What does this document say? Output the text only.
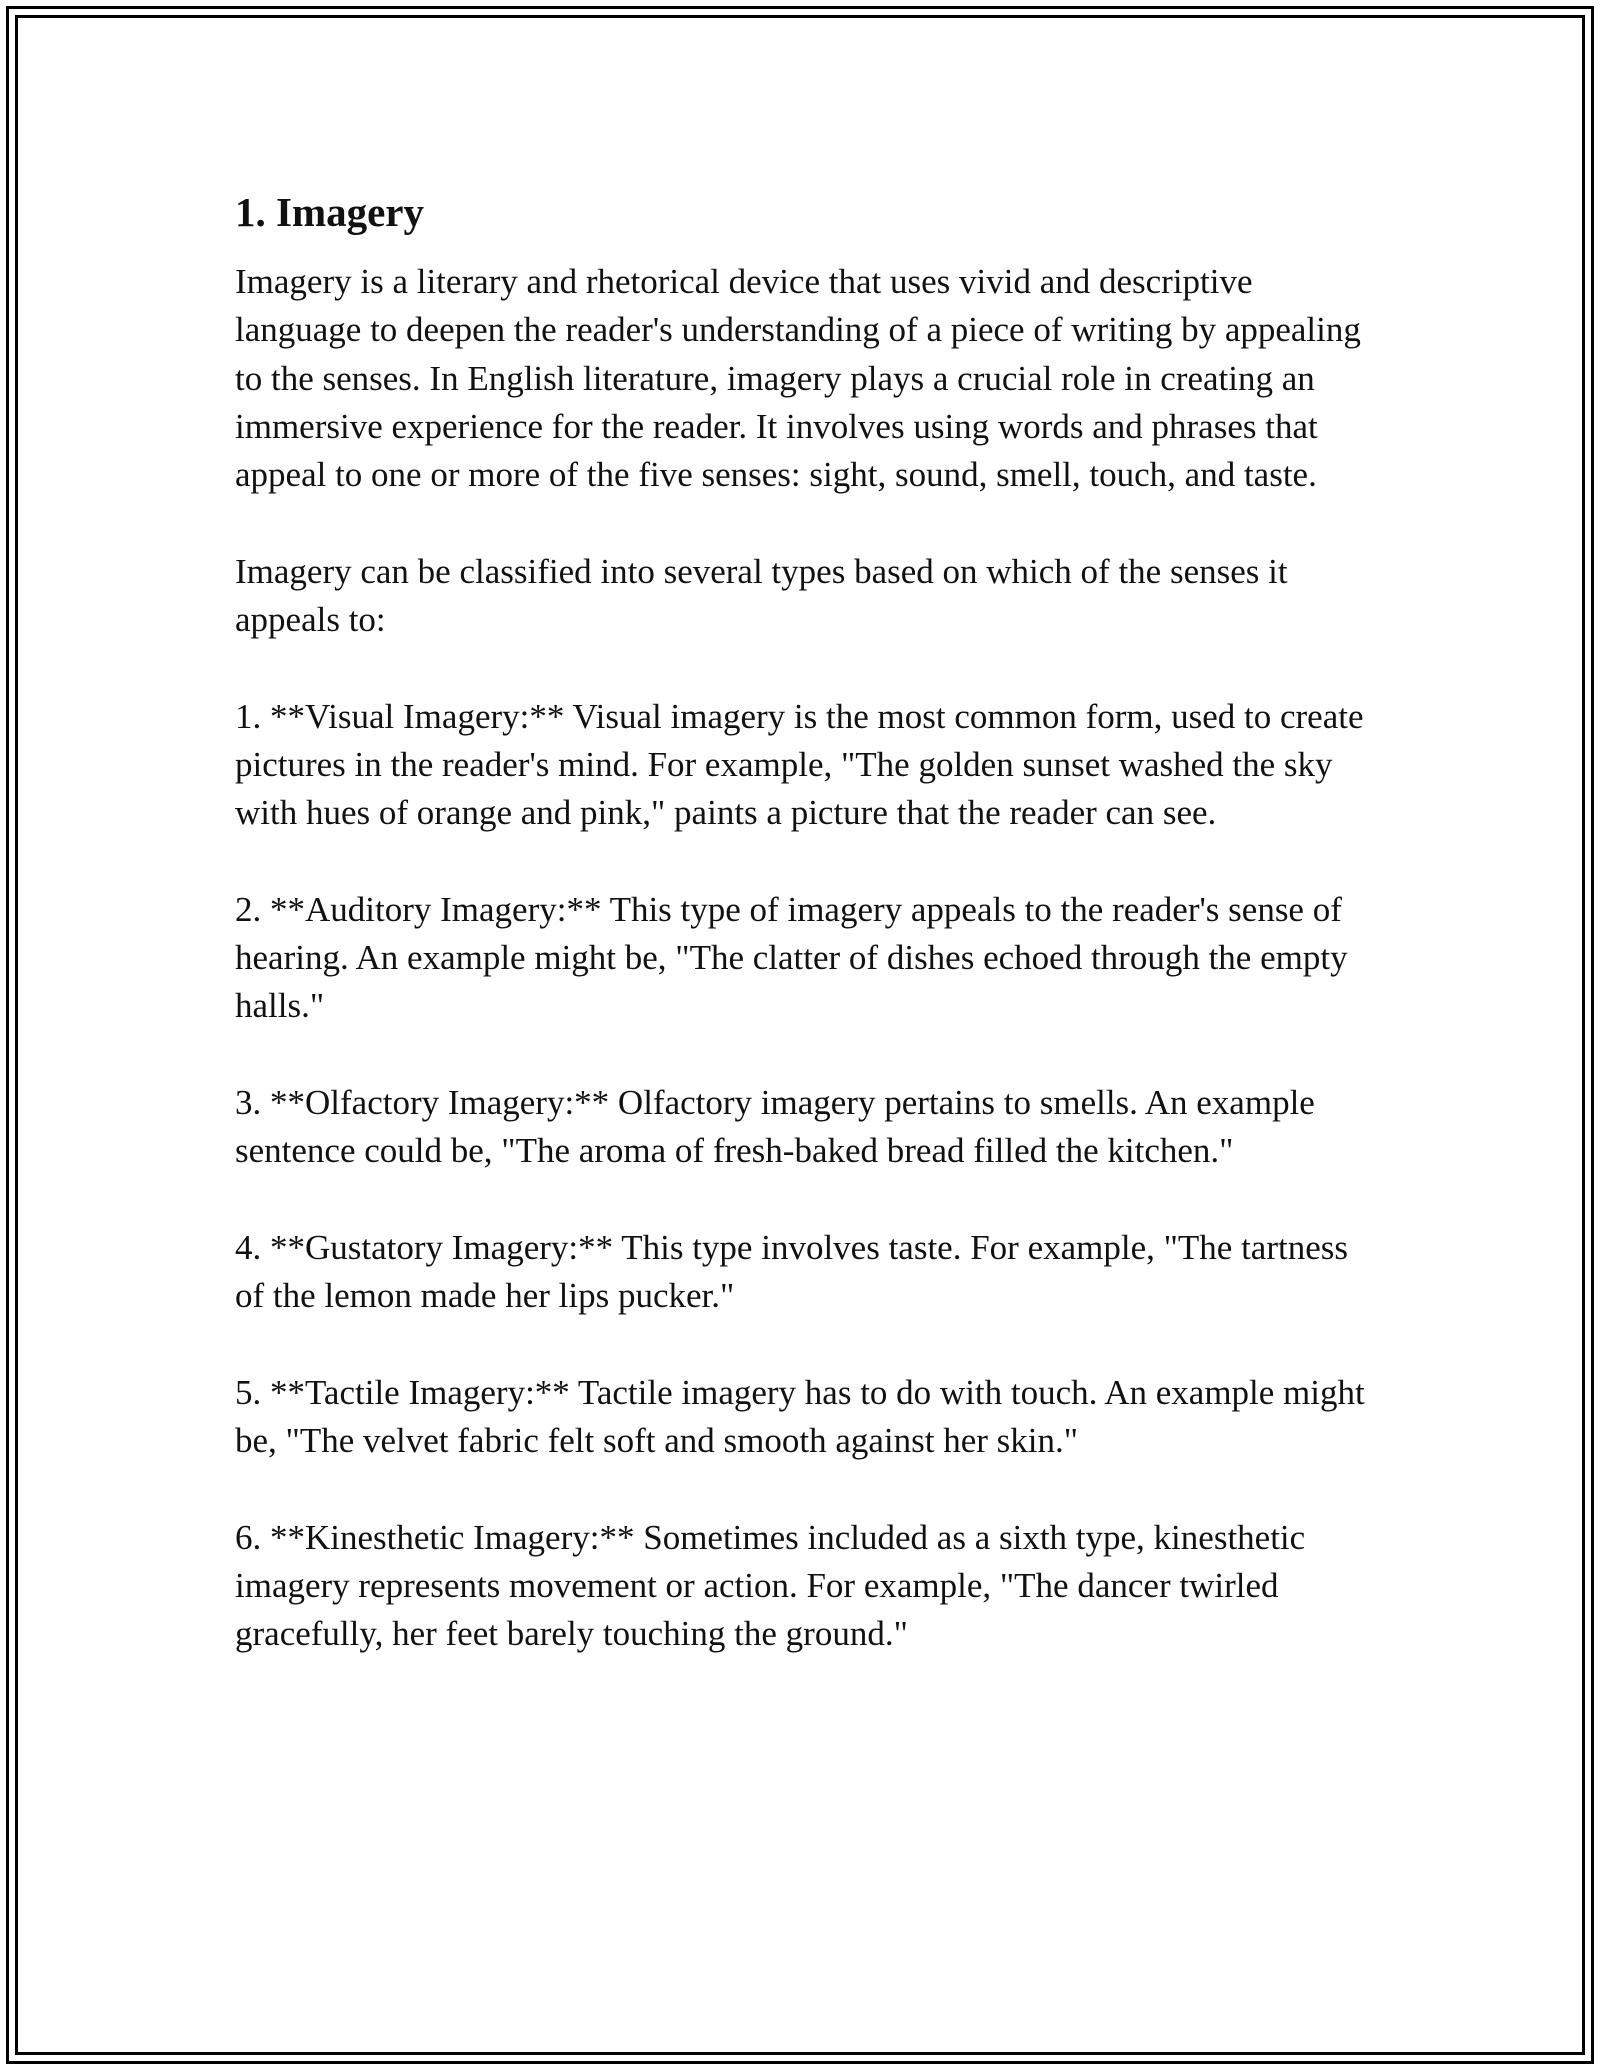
1. Imagery

Imagery is a literary and rhetorical device that uses vivid and descriptive language to deepen the reader's understanding of a piece of writing by appealing to the senses. In English literature, imagery plays a crucial role in creating an immersive experience for the reader. It involves using words and phrases that appeal to one or more of the five senses: sight, sound, smell, touch, and taste.

Imagery can be classified into several types based on which of the senses it appeals to:

1. **Visual Imagery:** Visual imagery is the most common form, used to create pictures in the reader's mind. For example, "The golden sunset washed the sky with hues of orange and pink," paints a picture that the reader can see.

2. **Auditory Imagery:** This type of imagery appeals to the reader's sense of hearing. An example might be, "The clatter of dishes echoed through the empty halls."

3. **Olfactory Imagery:** Olfactory imagery pertains to smells. An example sentence could be, "The aroma of fresh-baked bread filled the kitchen."

4. **Gustatory Imagery:** This type involves taste. For example, "The tartness of the lemon made her lips pucker."

5. **Tactile Imagery:** Tactile imagery has to do with touch. An example might be, "The velvet fabric felt soft and smooth against her skin."

6. **Kinesthetic Imagery:** Sometimes included as a sixth type, kinesthetic imagery represents movement or action. For example, "The dancer twirled gracefully, her feet barely touching the ground."
